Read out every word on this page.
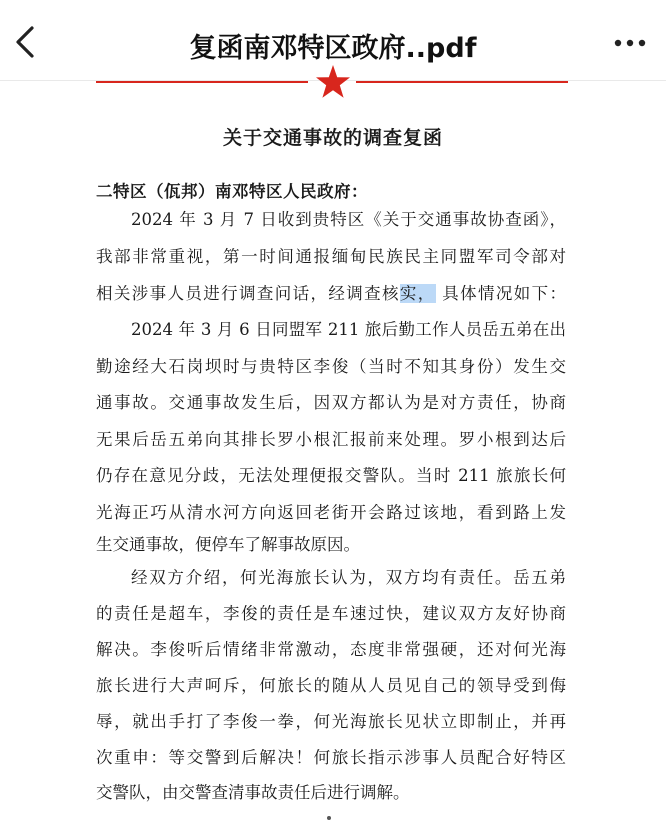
复函南邓特区政府..pdf
关于交通事故的调查复函
二特区（佤邦）南邓特区人民政府：
2024 年 3 月 7 日收到贵特区《关于交通事故协查函》，
我部非常重视，第一时间通报缅甸民族民主同盟军司令部对
相关涉事人员进行调查问话，经调查核实， 具体情况如下：
2024 年 3 月 6 日同盟军 211 旅后勤工作人员岳五弟在出
勤途经大石岗坝时与贵特区李俊（当时不知其身份）发生交
通事故。交通事故发生后，因双方都认为是对方责任，协商
无果后岳五弟向其排长罗小根汇报前来处理。罗小根到达后
仍存在意见分歧，无法处理便报交警队。当时 211 旅旅长何
光海正巧从清水河方向返回老街开会路过该地，看到路上发
生交通事故，便停车了解事故原因。
经双方介绍，何光海旅长认为，双方均有责任。岳五弟
的责任是超车，李俊的责任是车速过快，建议双方友好协商
解决。李俊听后情绪非常激动，态度非常强硬，还对何光海
旅长进行大声呵斥，何旅长的随从人员见自己的领导受到侮
辱，就出手打了李俊一拳，何光海旅长见状立即制止，并再
次重申：等交警到后解决！何旅长指示涉事人员配合好特区
交警队，由交警查清事故责任后进行调解。
